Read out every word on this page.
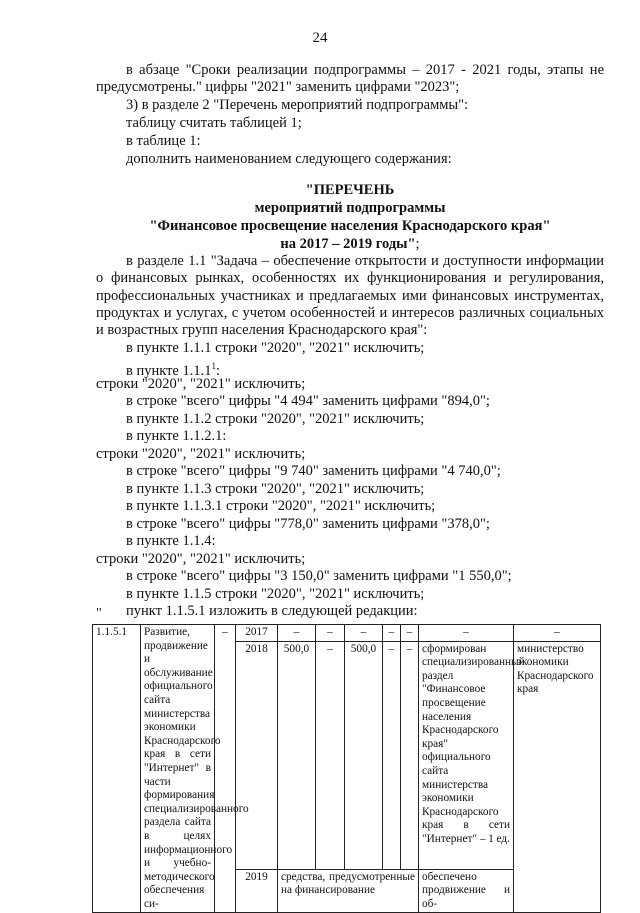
24
в абзаце "Сроки реализации подпрограммы – 2017 - 2021 годы, этапы не предусмотрены." цифры "2021" заменить цифрами "2023";
3) в разделе 2 "Перечень мероприятий подпрограммы":
таблицу считать таблицей 1;
в таблице 1:
дополнить наименованием следующего содержания:
"ПЕРЕЧЕНЬ
мероприятий подпрограммы
"Финансовое просвещение населения Краснодарского края"
на 2017 – 2019 годы";
в разделе 1.1 "Задача – обеспечение открытости и доступности информации о финансовых рынках, особенностях их функционирования и регулирования, профессиональных участниках и предлагаемых ими финансовых инструментах, продуктах и услугах, с учетом особенностей и интересов различных социальных и возрастных групп населения Краснодарского края":
в пункте 1.1.1 строки "2020", "2021" исключить;
в пункте 1.1.1$^1$:
строки "2020", "2021" исключить;
в строке "всего" цифры "4 494" заменить цифрами "894,0";
в пункте 1.1.2 строки "2020", "2021" исключить;
в пункте 1.1.2.1:
строки "2020", "2021" исключить;
в строке "всего" цифры "9 740" заменить цифрами "4 740,0";
в пункте 1.1.3 строки "2020", "2021" исключить;
в пункте 1.1.3.1 строки "2020", "2021" исключить;
в строке "всего" цифры "778,0" заменить цифрами "378,0";
в пункте 1.1.4:
строки "2020", "2021" исключить;
в строке "всего" цифры "3 150,0" заменить цифрами "1 550,0";
в пункте 1.1.5 строки "2020", "2021" исключить;
пункт 1.1.5.1 изложить в следующей редакции:
"
1.1.5.1	Развитие, продвижение и обслуживание официального сайта министерства экономики Краснодарского края в сети "Интернет" в части формирования специализированного раздела сайта в целях информационного и учебно-методического обеспечения си-	–	2017	–	–	–	–	–	–	–
			2018	500,0	–	500,0	–	–	сформирован специализированный раздел "Финансовое просвещение населения Краснодарского края" официального сайта министерства экономики Краснодарского края в сети "Интернет" – 1 ед.	министерство экономики Краснодарского края
			2019	средства, предусмотренные на финансирование					обеспечено продвижение и об-	
